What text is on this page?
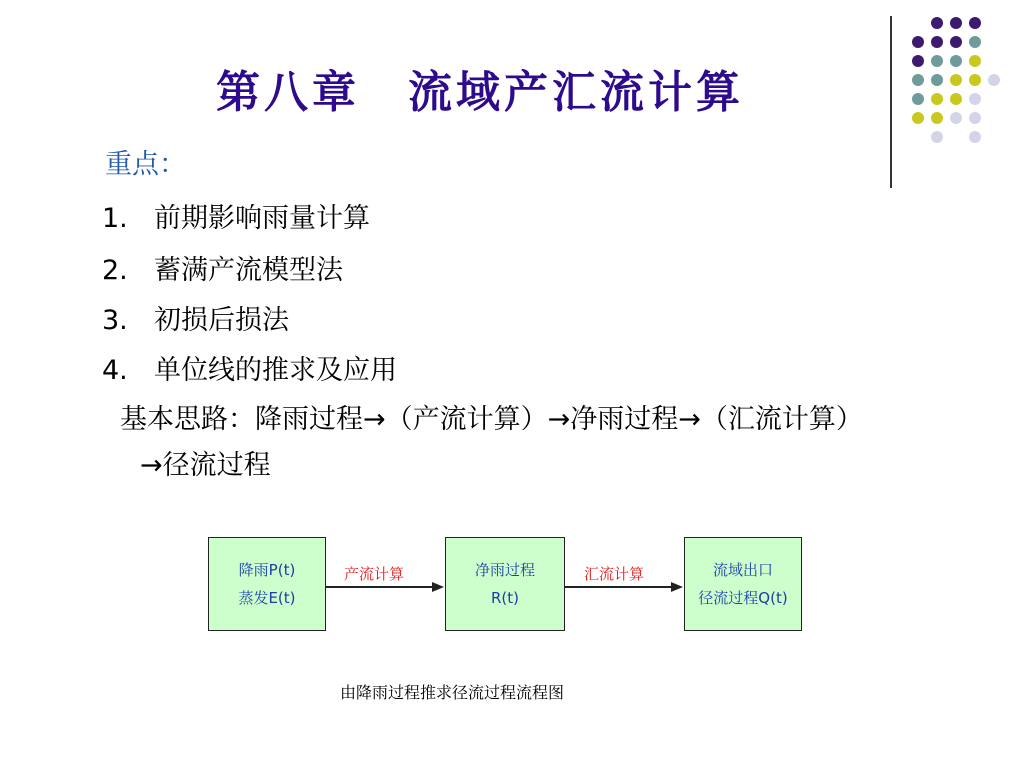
第八章　流域产汇流计算
重点：
1. 前期影响雨量计算
2. 蓄满产流模型法
3. 初损后损法
4. 单位线的推求及应用
基本思路：降雨过程→（产流计算）→净雨过程→（汇流计算）
→径流过程
降雨P(t)
蒸发E(t)
产流计算	净雨过程
R(t)
汇流计算	流域出口
径流过程Q(t)
由降雨过程推求径流过程流程图
